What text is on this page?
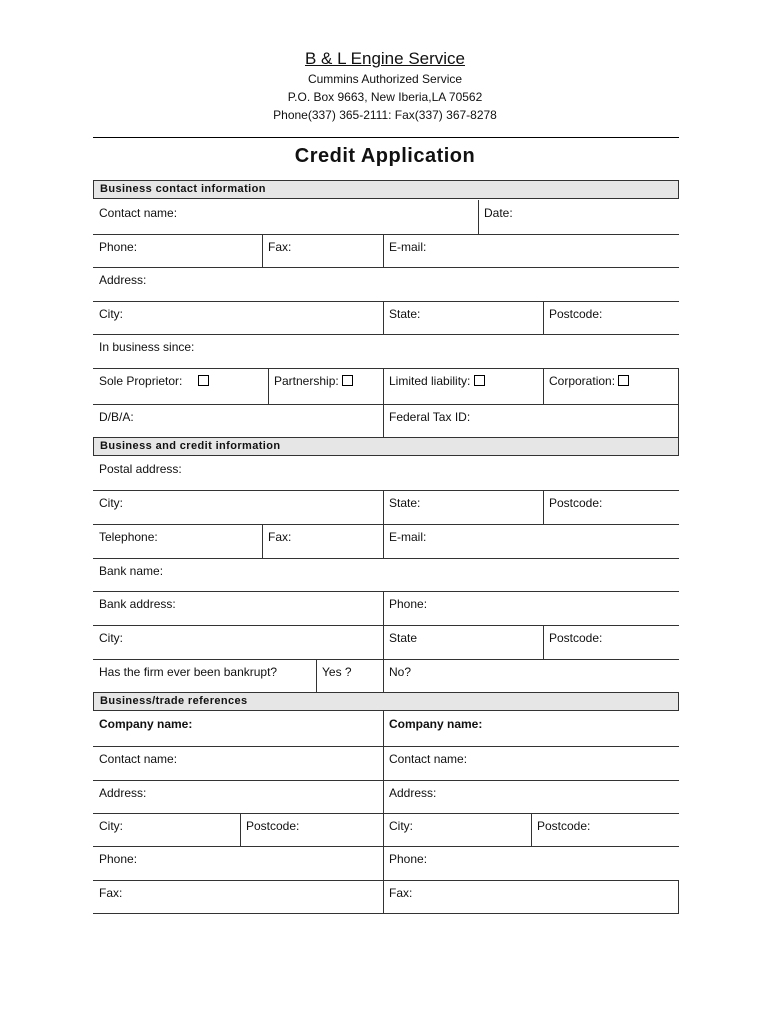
B & L Engine Service
Cummins Authorized Service
P.O. Box 9663, New Iberia,LA 70562
Phone(337) 365-2111: Fax(337) 367-8278
Credit Application
Business contact information
Contact name:	Date:
Phone:	Fax:	E-mail:
Address:
City:	State:	Postcode:
In business since:
Sole Proprietor:	Partnership:	Limited liability:	Corporation:
D/B/A:	Federal Tax ID:
Business and credit information
Postal address:
City:	State:	Postcode:
Telephone:	Fax:	E-mail:
Bank name:
Bank address:	Phone:
City:	State	Postcode:
Has the firm ever been bankrupt?	Yes ?	No?
Business/trade references
Company name:	Company name:
Contact name:	Contact name:
Address:	Address:
City:	Postcode:	City:	Postcode:
Phone:	Phone:
Fax:	Fax:
